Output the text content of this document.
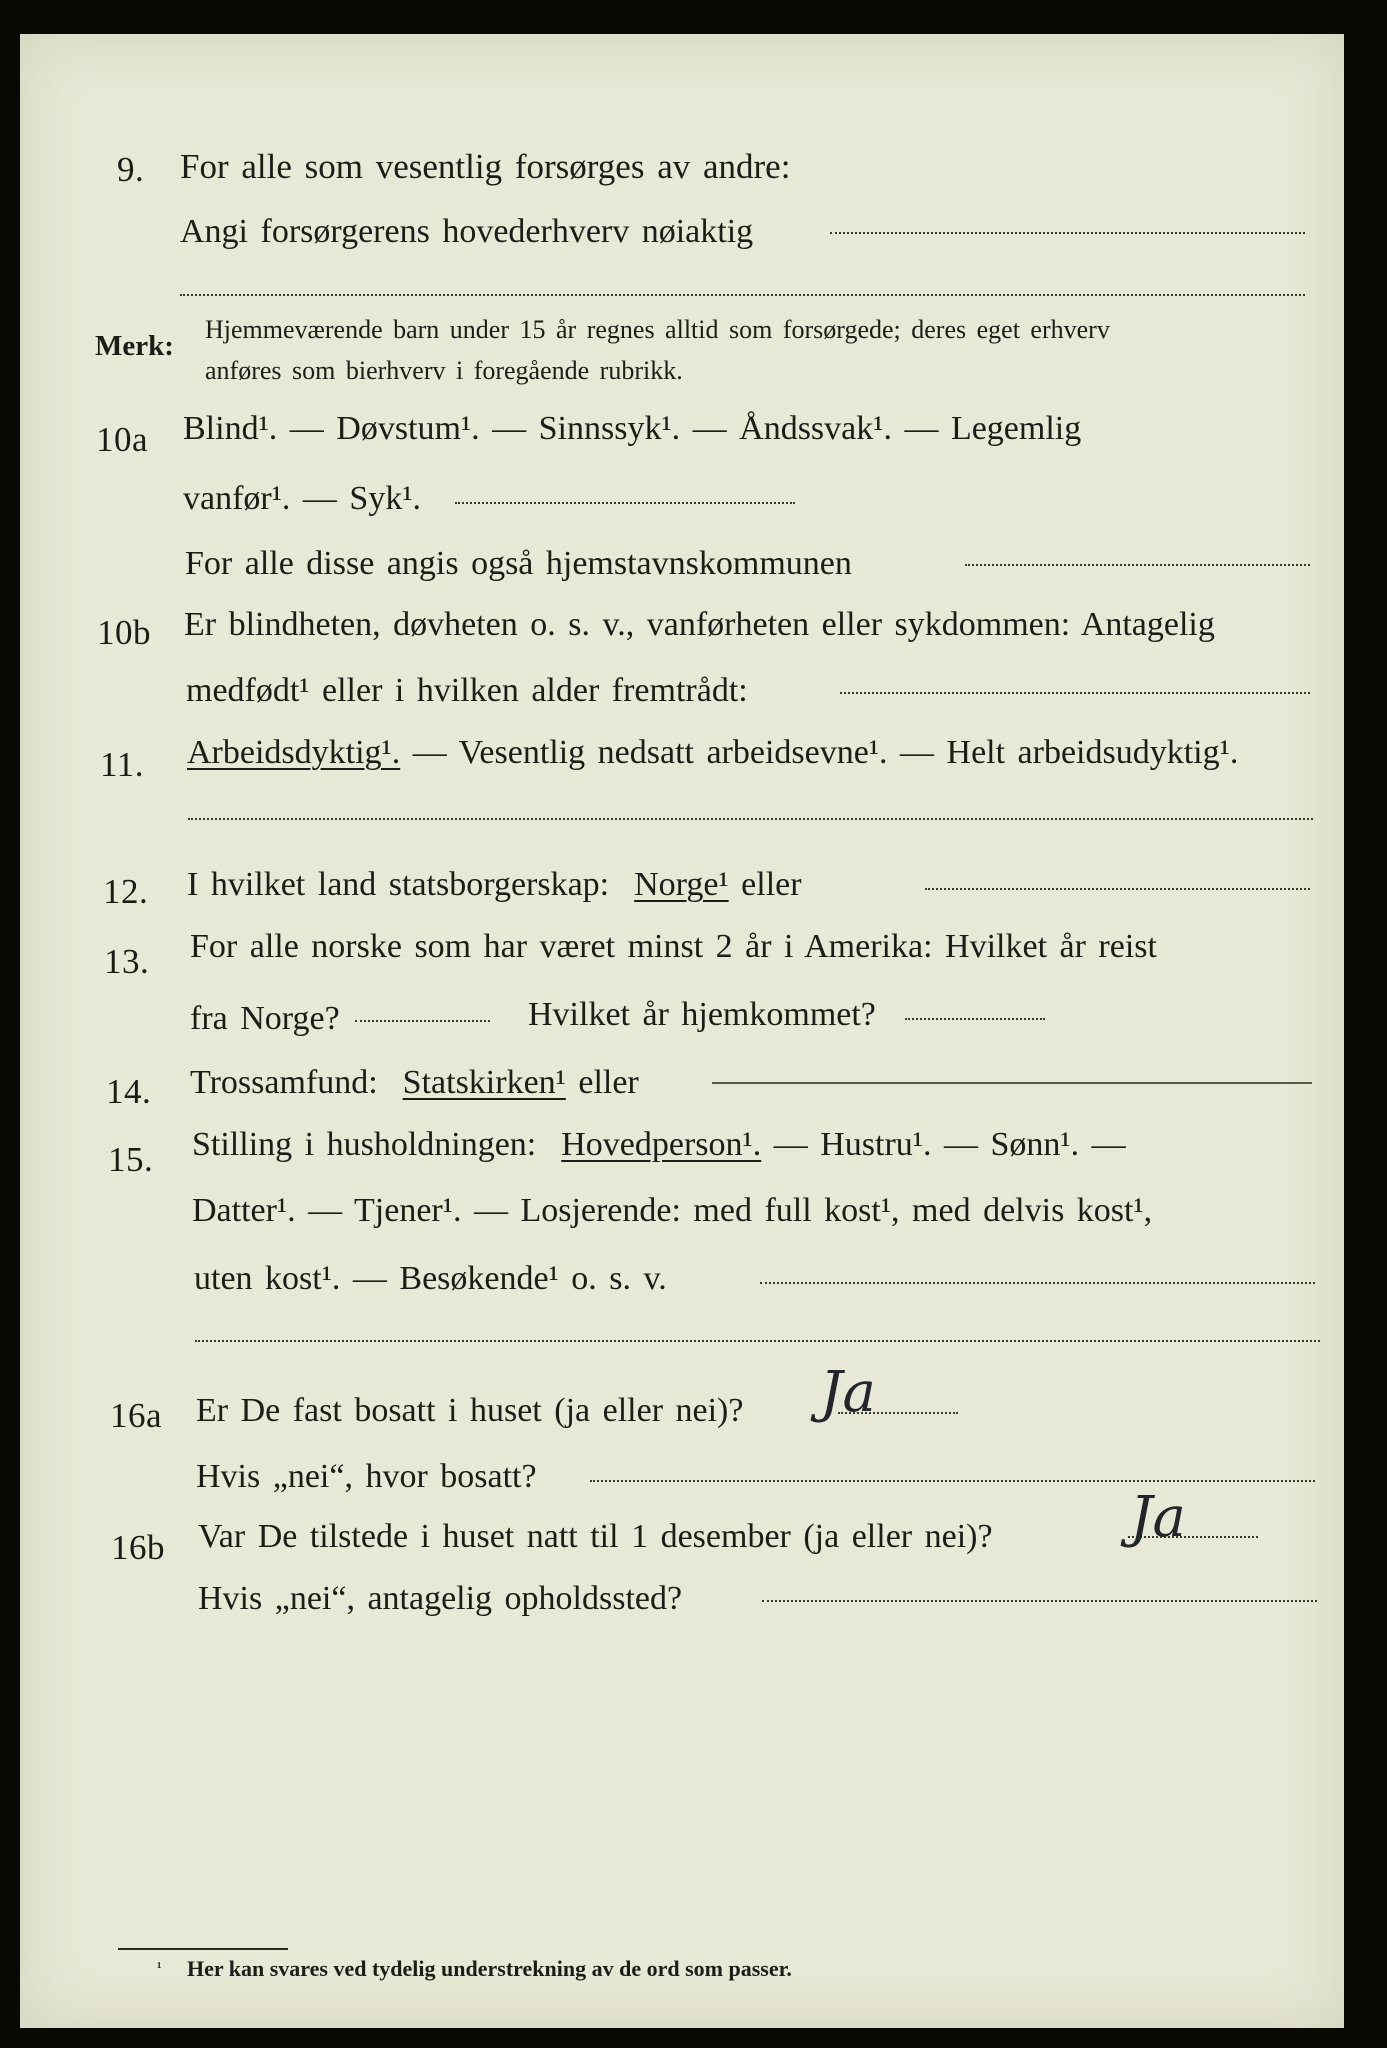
9. For alle som vesentlig forsørges av andre:
Angi forsørgerens hovederhverv nøiaktig
Merk:
Hjemmeværende barn under 15 år regnes alltid som forsørgede; deres eget erhverv
anføres som bierhverv i foregående rubrikk.
10a Blind¹. — Døvstum¹. — Sinnssyk¹. — Åndssvak¹. — Legemlig
vanfør¹. — Syk¹.
For alle disse angis også hjemstavnskommunen
10b Er blindheten, døvheten o. s. v., vanførheten eller sykdommen: Antagelig
medfødt¹ eller i hvilken alder fremtrådt:
11. Arbeidsdyktig¹. — Vesentlig nedsatt arbeidsevne¹. — Helt arbeidsudyktig¹.
12. I hvilket land statsborgerskap: Norge¹ eller
13. For alle norske som har været minst 2 år i Amerika: Hvilket år reist
fra Norge?	Hvilket år hjemkommet?
14. Trossamfund: Statskirken¹ eller
15. Stilling i husholdningen: Hovedperson¹. — Hustru¹. — Sønn¹. —
Datter¹. — Tjener¹. — Losjerende: med full kost¹, med delvis kost¹,
uten kost¹. — Besøkende¹ o. s. v.
16a Er De fast bosatt i huset (ja eller nei)? Ja
Hvis „nei“, hvor bosatt?
16b Var De tilstede i huset natt til 1 desember (ja eller nei)? Ja
Hvis „nei“, antagelig opholdssted?
¹ Her kan svares ved tydelig understrekning av de ord som passer.
